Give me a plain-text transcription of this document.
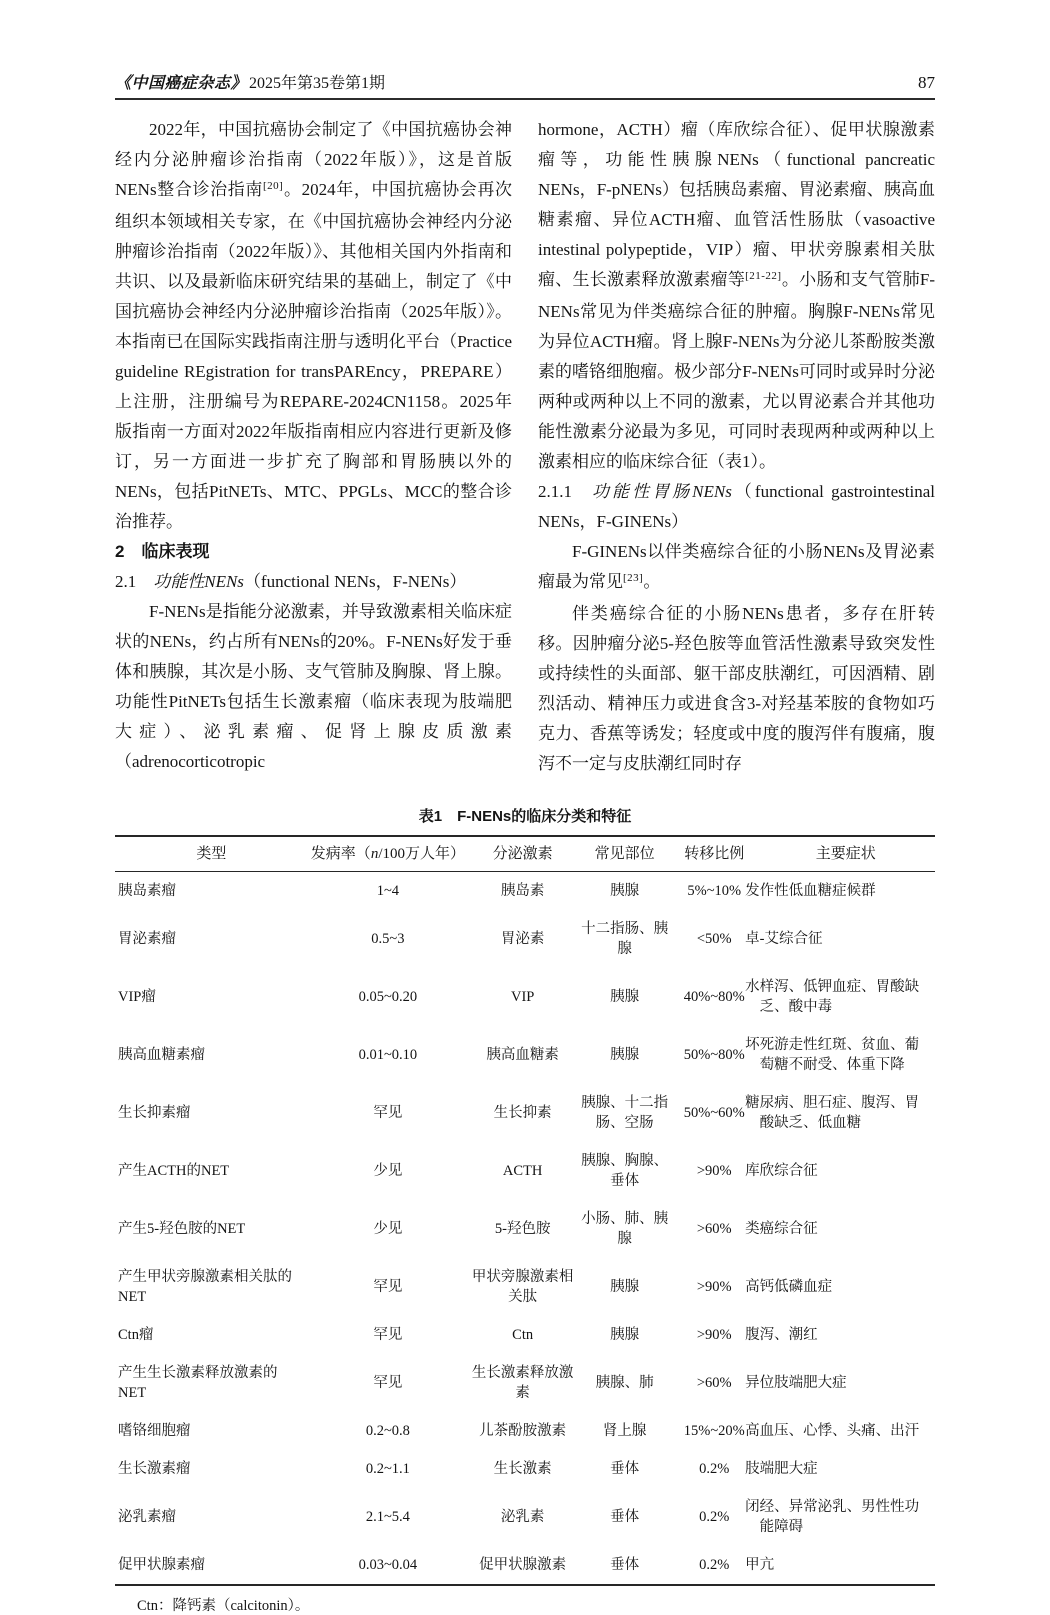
《中国癌症杂志》 2025年第35卷第1期	87

2022年，中国抗癌协会制定了《中国抗癌协会神经内分泌肿瘤诊治指南（2022年版）》，这是首版NENs整合诊治指南[20]。2024年，中国抗癌协会再次组织本领域相关专家，在《中国抗癌协会神经内分泌肿瘤诊治指南（2022年版）》、其他相关国内外指南和共识、以及最新临床研究结果的基础上，制定了《中国抗癌协会神经内分泌肿瘤诊治指南（2025年版）》。本指南已在国际实践指南注册与透明化平台（Practice guideline REgistration for transPAREncy，PREPARE）上注册，注册编号为REPARE-2024CN1158。2025年版指南一方面对2022年版指南相应内容进行更新及修订，另一方面进一步扩充了胸部和胃肠胰以外的NENs，包括PitNETs、MTC、PPGLs、MCC的整合诊治推荐。

2 临床表现

2.1 功能性NENs（functional NENs，F-NENs）

F-NENs是指能分泌激素，并导致激素相关临床症状的NENs，约占所有NENs的20%。F-NENs好发于垂体和胰腺，其次是小肠、支气管肺及胸腺、肾上腺。功能性PitNETs包括生长激素瘤（临床表现为肢端肥大症）、泌乳素瘤、促肾上腺皮质激素（adrenocorticotropic

hormone，ACTH）瘤（库欣综合征）、促甲状腺激素瘤等，功能性胰腺NENs（functional pancreatic NENs，F-pNENs）包括胰岛素瘤、胃泌素瘤、胰高血糖素瘤、异位ACTH瘤、血管活性肠肽（vasoactive intestinal polypeptide，VIP）瘤、甲状旁腺素相关肽瘤、生长激素释放激素瘤等[21-22]。小肠和支气管肺F-NENs常见为伴类癌综合征的肿瘤。胸腺F-NENs常见为异位ACTH瘤。肾上腺F-NENs为分泌儿茶酚胺类激素的嗜铬细胞瘤。极少部分F-NENs可同时或异时分泌两种或两种以上不同的激素，尤以胃泌素合并其他功能性激素分泌最为多见，可同时表现两种或两种以上激素相应的临床综合征（表1）。

2.1.1 功能性胃肠NENs（functional gastrointestinal NENs，F-GINENs）

F-GINENs以伴类癌综合征的小肠NENs及胃泌素瘤最为常见[23]。

伴类癌综合征的小肠NENs患者，多存在肝转移。因肿瘤分泌5-羟色胺等血管活性激素导致突发性或持续性的头面部、躯干部皮肤潮红，可因酒精、剧烈活动、精神压力或进食含3-对羟基苯胺的食物如巧克力、香蕉等诱发；轻度或中度的腹泻伴有腹痛，腹泻不一定与皮肤潮红同时存

表1　F-NENs的临床分类和特征
类型	发病率（n/100万人年）	分泌激素	常见部位	转移比例	主要症状
胰岛素瘤	1~4	胰岛素	胰腺	5%~10%	发作性低血糖症候群
胃泌素瘤	0.5~3	胃泌素	十二指肠、胰腺	<50%	卓-艾综合征
VIP瘤	0.05~0.20	VIP	胰腺	40%~80%	水样泻、低钾血症、胃酸缺乏、酸中毒
胰高血糖素瘤	0.01~0.10	胰高血糖素	胰腺	50%~80%	坏死游走性红斑、贫血、葡萄糖不耐受、体重下降
生长抑素瘤	罕见	生长抑素	胰腺、十二指肠、空肠	50%~60%	糖尿病、胆石症、腹泻、胃酸缺乏、低血糖
产生ACTH的NET	少见	ACTH	胰腺、胸腺、垂体	>90%	库欣综合征
产生5-羟色胺的NET	少见	5-羟色胺	小肠、肺、胰腺	>60%	类癌综合征
产生甲状旁腺激素相关肽的NET	罕见	甲状旁腺激素相关肽	胰腺	>90%	高钙低磷血症
Ctn瘤	罕见	Ctn	胰腺	>90%	腹泻、潮红
产生生长激素释放激素的NET	罕见	生长激素释放激素	胰腺、肺	>60%	异位肢端肥大症
嗜铬细胞瘤	0.2~0.8	儿茶酚胺激素	肾上腺	15%~20%	高血压、心悸、头痛、出汗
生长激素瘤	0.2~1.1	生长激素	垂体	0.2%	肢端肥大症
泌乳素瘤	2.1~5.4	泌乳素	垂体	0.2%	闭经、异常泌乳、男性性功能障碍
促甲状腺素瘤	0.03~0.04	促甲状腺激素	垂体	0.2%	甲亢
Ctn：降钙素（calcitonin）。
